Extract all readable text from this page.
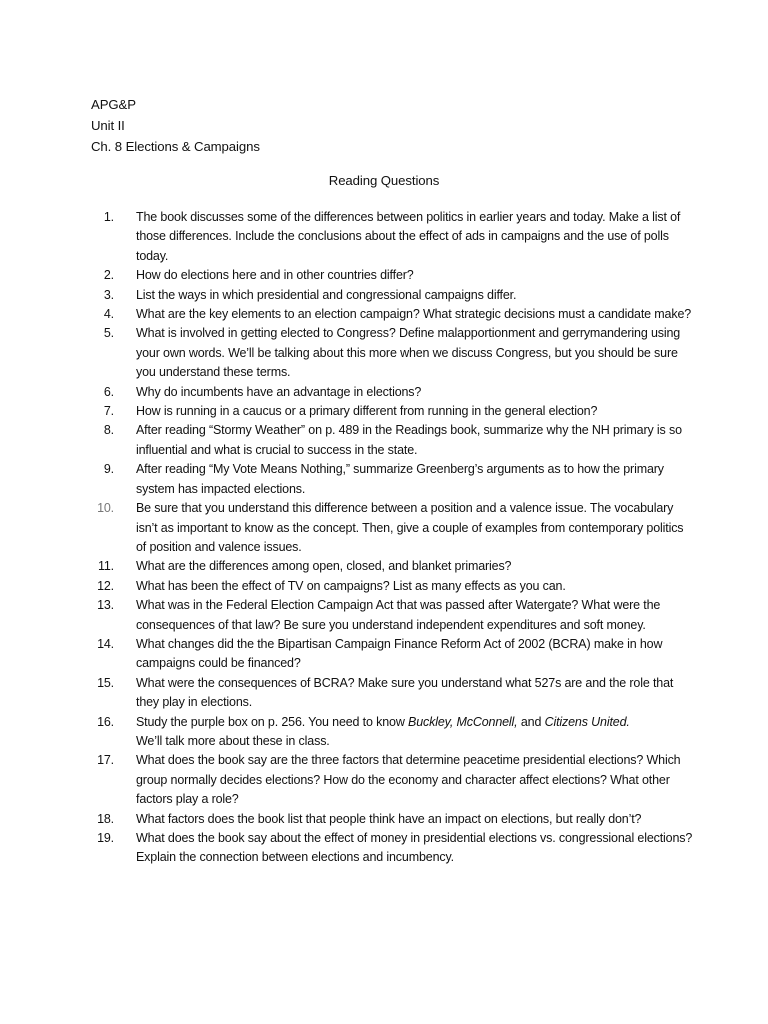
APG&P
Unit II
Ch. 8 Elections & Campaigns
Reading Questions
1. The book discusses some of the differences between politics in earlier years and today. Make a list of those differences. Include the conclusions about the effect of ads in campaigns and the use of polls today.
2. How do elections here and in other countries differ?
3. List the ways in which presidential and congressional campaigns differ.
4. What are the key elements to an election campaign? What strategic decisions must a candidate make?
5. What is involved in getting elected to Congress? Define malapportionment and gerrymandering using your own words. We’ll be talking about this more when we discuss Congress, but you should be sure you understand these terms.
6. Why do incumbents have an advantage in elections?
7. How is running in a caucus or a primary different from running in the general election?
8. After reading “Stormy Weather” on p. 489 in the Readings book, summarize why the NH primary is so influential and what is crucial to success in the state.
9. After reading “My Vote Means Nothing,” summarize Greenberg’s arguments as to how the primary system has impacted elections.
10. Be sure that you understand this difference between a position and a valence issue. The vocabulary isn’t as important to know as the concept. Then, give a couple of examples from contemporary politics of position and valence issues.
11. What are the differences among open, closed, and blanket primaries?
12. What has been the effect of TV on campaigns? List as many effects as you can.
13. What was in the Federal Election Campaign Act that was passed after Watergate? What were the consequences of that law? Be sure you understand independent expenditures and soft money.
14. What changes did the the Bipartisan Campaign Finance Reform Act of 2002 (BCRA) make in how campaigns could be financed?
15. What were the consequences of BCRA? Make sure you understand what 527s are and the role that they play in elections.
16. Study the purple box on p. 256. You need to know Buckley, McConnell, and Citizens United.
We’ll talk more about these in class.
17. What does the book say are the three factors that determine peacetime presidential elections? Which group normally decides elections? How do the economy and character affect elections? What other factors play a role?
18. What factors does the book list that people think have an impact on elections, but really don’t?
19. What does the book say about the effect of money in presidential elections vs. congressional elections? Explain the connection between elections and incumbency.
